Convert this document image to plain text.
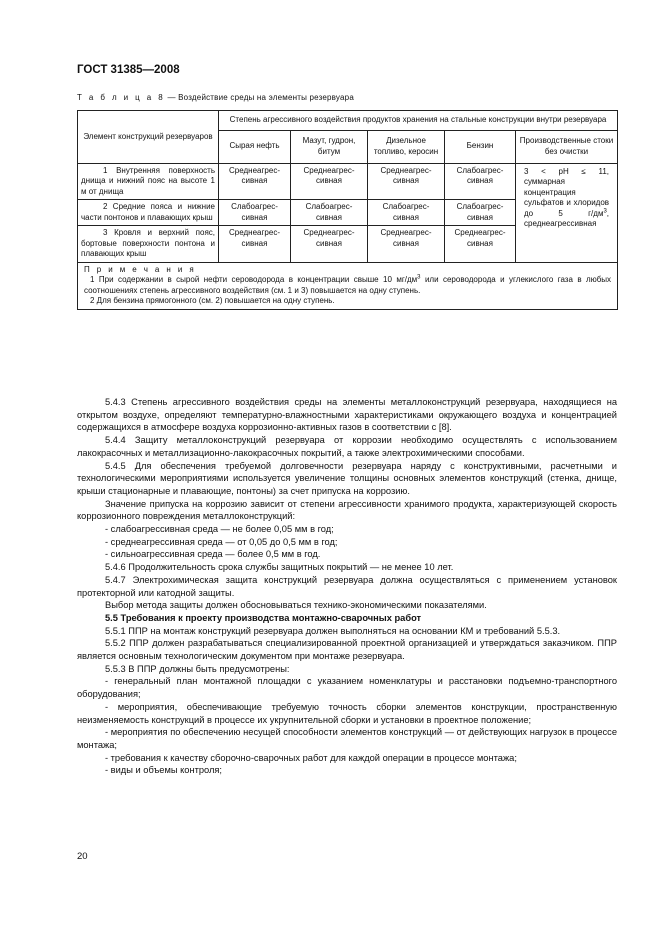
ГОСТ 31385—2008
Т а б л и ц а 8 — Воздействие среды на элементы резервуара
Элемент конструкций резервуаров	Степень агрессивного воздействия продуктов хранения на стальные конструкции внутри резервуара				
	Сырая нефть	Мазут, гудрон, битум	Дизельное топливо, керосин	Бензин	Производственные стоки без очистки
1 Внутренняя поверхность днища и нижний пояс на высоте 1 м от днища	Среднеагрес-сивная	Среднеагрес-сивная	Среднеагрес-сивная	Слабоагрес-сивная	3 < pH ≤ 11, суммарная концентрация сульфатов и хлоридов до 5 $г/дм^3$, среднеагрессивная
2 Средние пояса и нижние части понтонов и плавающих крыш	Слабоагрес-сивная	Слабоагрес-сивная	Слабоагрес-сивная	Слабоагрес-сивная	
3 Кровля и верхний пояс, бортовые поверхности понтона и плавающих крыш	Среднеагрес-сивная	Среднеагрес-сивная	Среднеагрес-сивная	Среднеагрес-сивная	

П р и м е ч а н и я

1 При содержании в сырой нефти сероводорода в концентрации свыше 10 $мг/дм^3$ или сероводорода и углекислого газа в любых соотношениях степень агрессивного воздействия (см. 1 и 3) повышается на одну ступень.

2 Для бензина прямогонного (см. 2) повышается на одну ступень.					

5.4.3 Степень агрессивного воздействия среды на элементы металлоконструкций резервуара, находящиеся на открытом воздухе, определяют температурно-влажностными характеристиками окружающего воздуха и концентрацией содержащихся в атмосфере воздуха коррозионно-активных газов в соответствии с [8].

5.4.4 Защиту металлоконструкций резервуара от коррозии необходимо осуществлять с использованием лакокрасочных и металлизационно-лакокрасочных покрытий, а также электрохимическими способами.

5.4.5 Для обеспечения требуемой долговечности резервуара наряду с конструктивными, расчетными и технологическими мероприятиями используется увеличение толщины основных элементов конструкций (стенка, днище, крыши стационарные и плавающие, понтоны) за счет припуска на коррозию.

Значение припуска на коррозию зависит от степени агрессивности хранимого продукта, характеризующей скорость коррозионного повреждения металлоконструкций:

- слабоагрессивная среда — не более 0,05 мм в год;

- среднеагрессивная среда — от 0,05 до 0,5 мм в год;

- сильноагрессивная среда — более 0,5 мм в год.

5.4.6 Продолжительность срока службы защитных покрытий — не менее 10 лет.

5.4.7 Электрохимическая защита конструкций резервуара должна осуществляться с применением установок протекторной или катодной защиты.

Выбор метода защиты должен обосновываться технико-экономическими показателями.

5.5 Требования к проекту производства монтажно-сварочных работ

5.5.1 ППР на монтаж конструкций резервуара должен выполняться на основании КМ и требований 5.5.3.

5.5.2 ППР должен разрабатываться специализированной проектной организацией и утверждаться заказчиком. ППР является основным технологическим документом при монтаже резервуара.

5.5.3 В ППР должны быть предусмотрены:

- генеральный план монтажной площадки с указанием номенклатуры и расстановки подъемно-транспортного оборудования;

- мероприятия, обеспечивающие требуемую точность сборки элементов конструкции, пространственную неизменяемость конструкций в процессе их укрупнительной сборки и установки в проектное положение;

- мероприятия по обеспечению несущей способности элементов конструкций — от действующих нагрузок в процессе монтажа;

- требования к качеству сборочно-сварочных работ для каждой операции в процессе монтажа;

- виды и объемы контроля;

20
